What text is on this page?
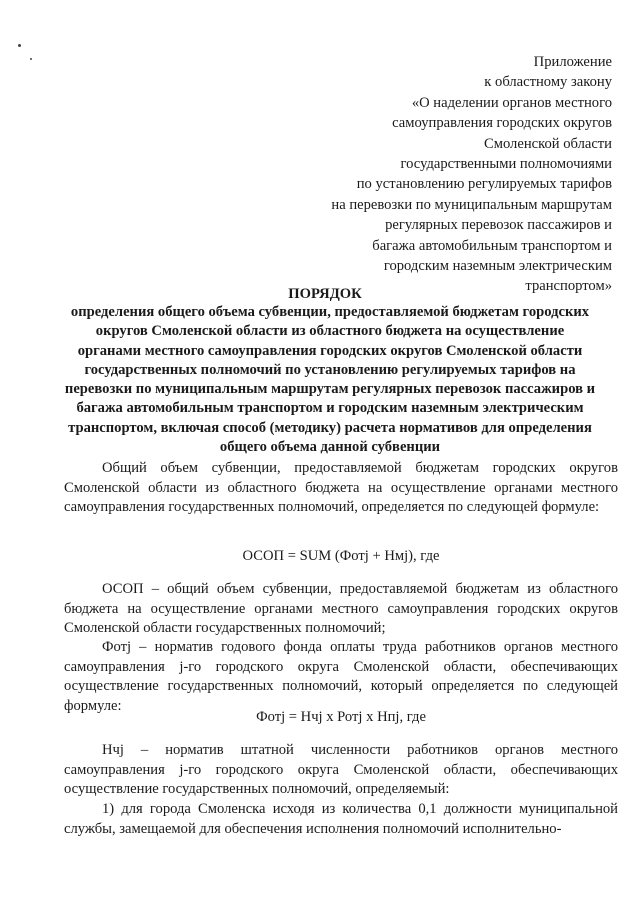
Приложение
к областному закону
«О наделении органов местного
самоуправления городских округов
Смоленской области
государственными полномочиями
по установлению регулируемых тарифов
на перевозки по муниципальным маршрутам
регулярных перевозок пассажиров и
багажа автомобильным транспортом и
городским наземным электрическим
транспортом»
ПОРЯДОК
определения общего объема субвенции, предоставляемой бюджетам городских
округов Смоленской области из областного бюджета на осуществление
органами местного самоуправления городских округов Смоленской области
государственных полномочий по установлению регулируемых тарифов на
перевозки по муниципальным маршрутам регулярных перевозок пассажиров и
багажа автомобильным транспортом и городским наземным электрическим
транспортом, включая способ (методику) расчета нормативов для определения
общего объема данной субвенции
Общий объем субвенции, предоставляемой бюджетам городских округов Смоленской области из областного бюджета на осуществление органами местного самоуправления государственных полномочий, определяется по следующей формуле:
ОСОП = SUM (Фотj + Нмj), где
ОСОП – общий объем субвенции, предоставляемой бюджетам из областного бюджета на осуществление органами местного самоуправления городских округов Смоленской области государственных полномочий;
Фотj – норматив годового фонда оплаты труда работников органов местного самоуправления j-го городского округа Смоленской области, обеспечивающих осуществление государственных полномочий, который определяется по следующей формуле:
Фотj = Нчj х Ротj х Нпj, где
Нчj – норматив штатной численности работников органов местного самоуправления j-го городского округа Смоленской области, обеспечивающих осуществление государственных полномочий, определяемый:
1) для города Смоленска исходя из количества 0,1 должности муниципальной службы, замещаемой для обеспечения исполнения полномочий исполнительно-
